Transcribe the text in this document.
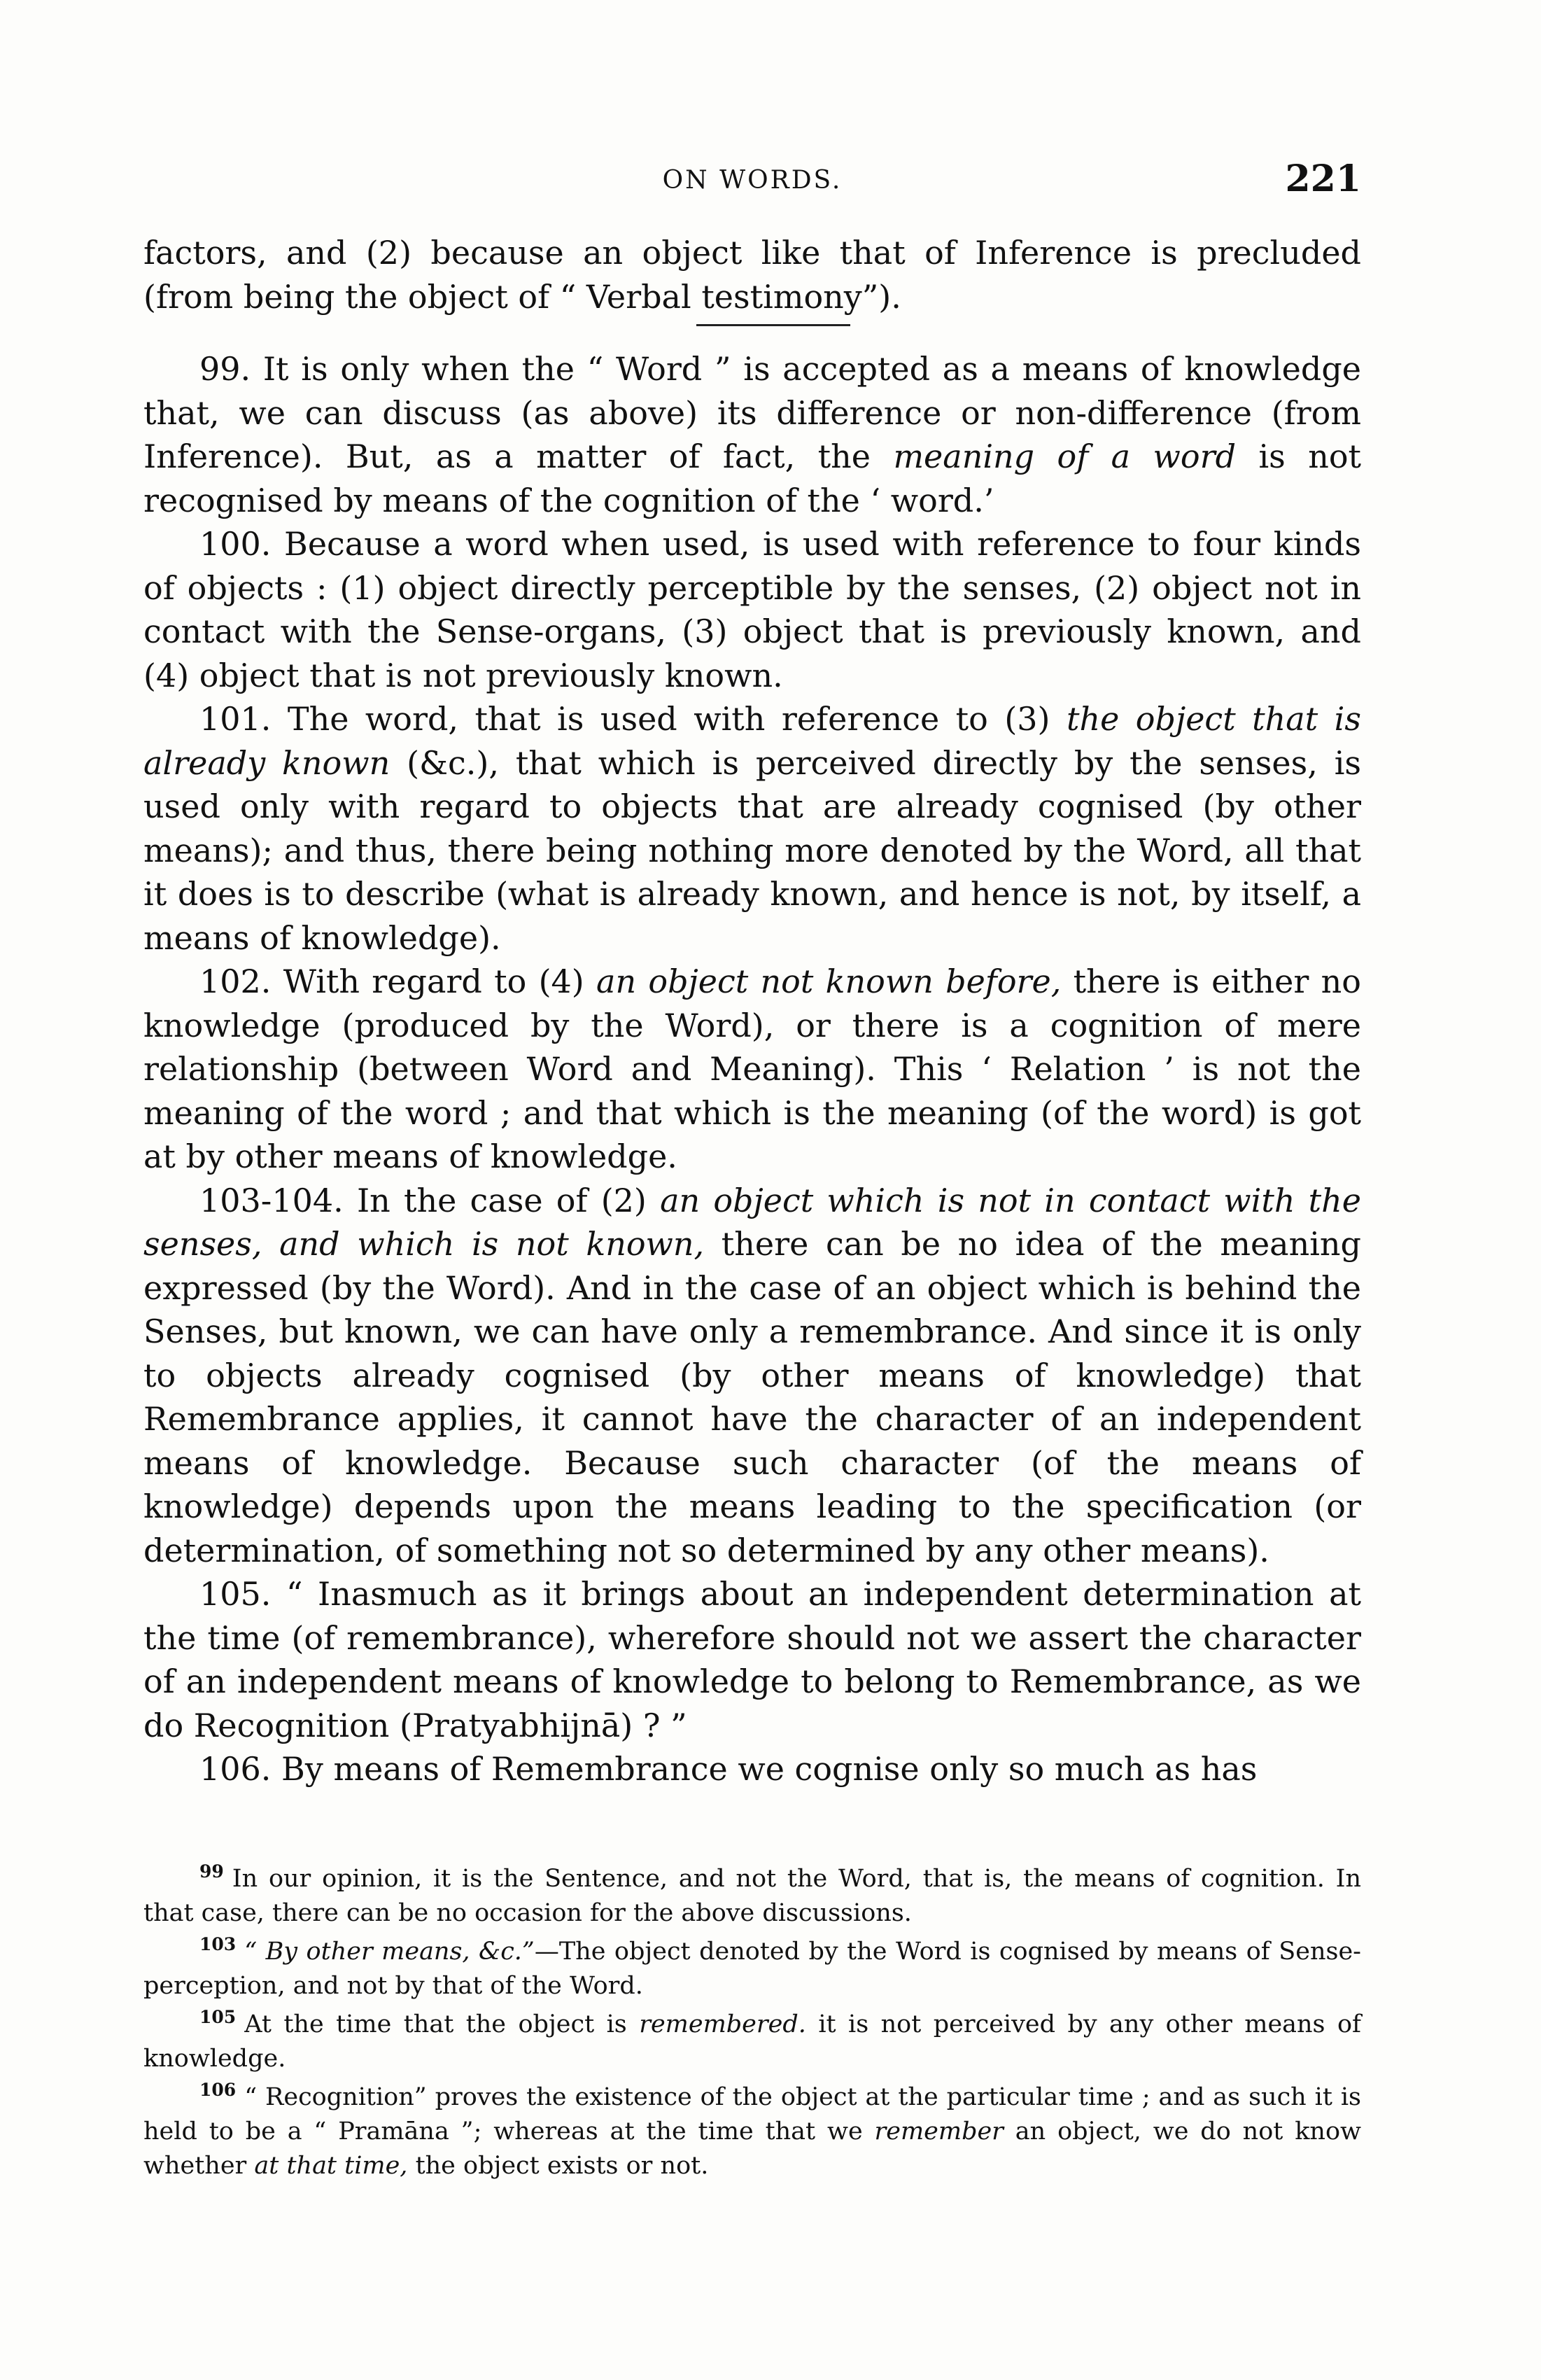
ON WORDS.	221

factors, and (2) because an object like that of Inference is precluded (from being the object of “ Verbal testimony”).

99. It is only when the “ Word ” is accepted as a means of knowledge that, we can discuss (as above) its difference or non-difference (from Inference). But, as a matter of fact, the meaning of a word is not recognised by means of the cognition of the ‘ word.’

100. Because a word when used, is used with reference to four kinds of objects : (1) object directly perceptible by the senses, (2) object not in contact with the Sense-organs, (3) object that is previously known, and (4) object that is not previously known.

101. The word, that is used with reference to (3) the object that is already known (&c.), that which is perceived directly by the senses, is used only with regard to objects that are already cognised (by other means); and thus, there being nothing more denoted by the Word, all that it does is to describe (what is already known, and hence is not, by itself, a means of knowledge).

102. With regard to (4) an object not known before, there is either no knowledge (produced by the Word), or there is a cognition of mere relationship (between Word and Meaning). This ‘ Relation ’ is not the meaning of the word ; and that which is the meaning (of the word) is got at by other means of knowledge.

103-104. In the case of (2) an object which is not in contact with the senses, and which is not known, there can be no idea of the meaning expressed (by the Word). And in the case of an object which is behind the Senses, but known, we can have only a remembrance. And since it is only to objects already cognised (by other means of knowledge) that Remembrance applies, it cannot have the character of an independent means of knowledge. Because such character (of the means of knowledge) depends upon the means leading to the specification (or determination, of something not so determined by any other means).

105. “ Inasmuch as it brings about an independent determination at the time (of remembrance), wherefore should not we assert the character of an independent means of knowledge to belong to Remembrance, as we do Recognition (Pratyabhijnā) ? ”

106. By means of Remembrance we cognise only so much as has

$^{99}$ In our opinion, it is the Sentence, and not the Word, that is, the means of cognition. In that case, there can be no occasion for the above discussions.

$^{103}$ “ By other means, &c.”—The object denoted by the Word is cognised by means of Sense-perception, and not by that of the Word.

$^{105}$ At the time that the object is remembered. it is not perceived by any other means of knowledge.

$^{106}$ “ Recognition” proves the existence of the object at the particular time ; and as such it is held to be a “ Pramāna ”; whereas at the time that we remember an object, we do not know whether at that time, the object exists or not.
